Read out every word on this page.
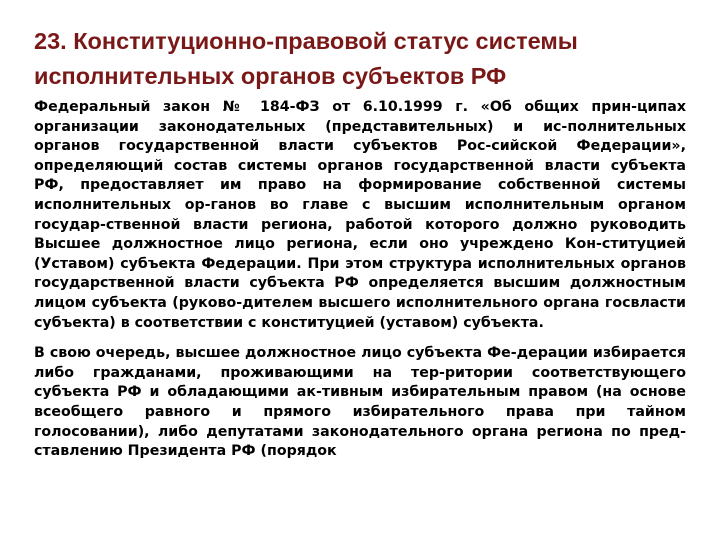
23. Конституционно-правовой статус системы исполнительных органов субъектов РФ

Федеральный закон № 184-ФЗ от 6.10.1999 г. «Об общих прин-ципах организации законодательных (представительных) и ис-полнительных органов государственной власти субъектов Рос-сийской Федерации», определяющий состав системы органов государственной власти субъекта РФ, предоставляет им право на формирование собственной системы исполнительных ор-ганов во главе с высшим исполнительным органом государ-ственной власти региона, работой которого должно руководить Высшее должностное лицо региона, если оно учреждено Кон-ституцией (Уставом) субъекта Федерации. При этом структура исполнительных органов государственной власти субъекта РФ определяется высшим должностным лицом субъекта (руково-дителем высшего исполнительного органа госвласти субъекта) в соответствии с конституцией (уставом) субъекта.

В свою очередь, высшее должностное лицо субъекта Фе-дерации избирается либо гражданами, проживающими на тер-ритории соответствующего субъекта РФ и обладающими ак-тивным избирательным правом (на основе всеобщего равного и прямого избирательного права при тайном голосовании), либо депутатами законодательного органа региона по пред-ставлению Президента РФ (порядок
